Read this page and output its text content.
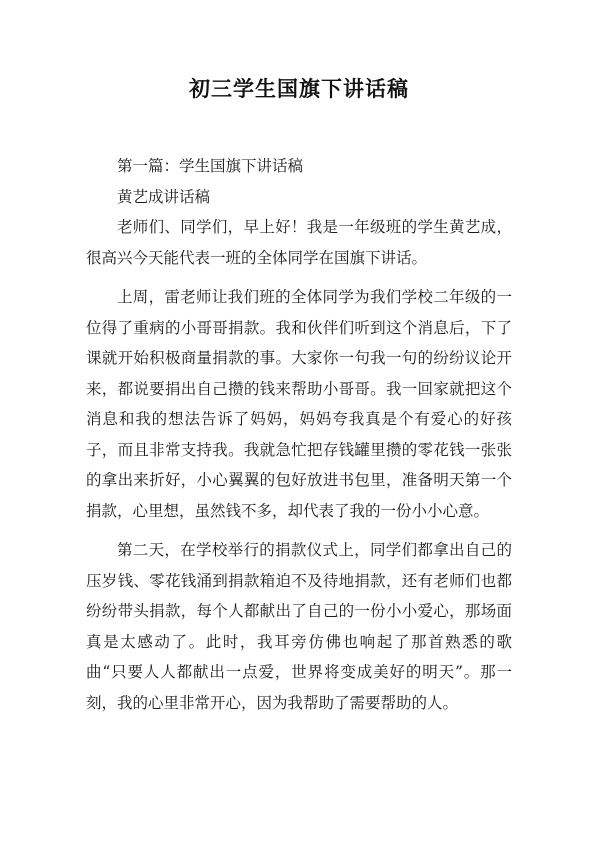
初三学生国旗下讲话稿

第一篇：学生国旗下讲话稿

黄艺成讲话稿

老师们、同学们，早上好！我是一年级班的学生黄艺成，很高兴今天能代表一班的全体同学在国旗下讲话。

上周，雷老师让我们班的全体同学为我们学校二年级的一位得了重病的小哥哥捐款。我和伙伴们听到这个消息后，下了课就开始积极商量捐款的事。大家你一句我一句的纷纷议论开来，都说要捐出自己攒的钱来帮助小哥哥。我一回家就把这个消息和我的想法告诉了妈妈，妈妈夸我真是个有爱心的好孩子，而且非常支持我。我就急忙把存钱罐里攒的零花钱一张张的拿出来折好，小心翼翼的包好放进书包里，准备明天第一个捐款，心里想，虽然钱不多，却代表了我的一份小小心意。

第二天，在学校举行的捐款仪式上，同学们都拿出自己的压岁钱、零花钱涌到捐款箱迫不及待地捐款，还有老师们也都纷纷带头捐款，每个人都献出了自己的一份小小爱心，那场面真是太感动了。此时，我耳旁仿佛也响起了那首熟悉的歌曲“只要人人都献出一点爱，世界将变成美好的明天”。那一刻，我的心里非常开心，因为我帮助了需要帮助的人。
